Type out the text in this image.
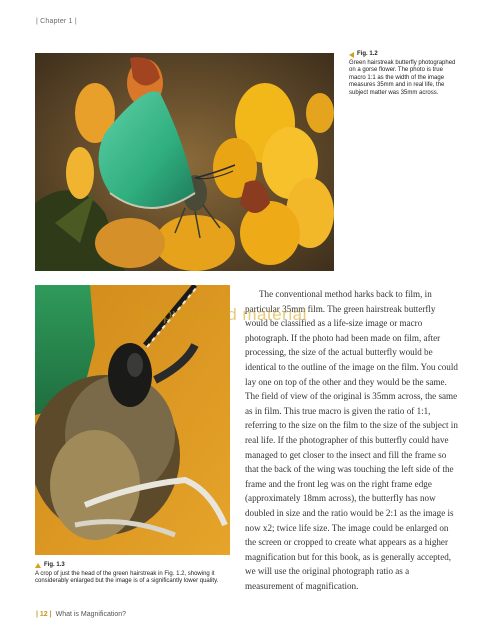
| Chapter 1 |
Fig. 1.2
Green hairstreak butterfly photographed on a gorse flower. The photo is true macro 1:1 as the width of the image measures 35mm and in real life, the subject matter was 35mm across.
Fig. 1.3
A crop of just the head of the green hairstreak in Fig. 1.2, showing it considerably enlarged but the image is of a significantly lower quality.

The conventional method harks back to film, in particular 35mm film. The green hairstreak butterfly would be classified as a life-size image or macro photograph. If the photo had been made on film, after processing, the size of the actual butterfly would be identical to the outline of the image on the film. You could lay one on top of the other and they would be the same. The field of view of the original is 35mm across, the same as in film. This true macro is given the ratio of 1:1, referring to the size on the film to the size of the subject in real life. If the photographer of this butterfly could have managed to get closer to the insect and fill the frame so that the back of the wing was touching the left side of the frame and the front leg was on the right frame edge (approximately 18mm across), the butterfly has now doubled in size and the ratio would be 2:1 as the image is now x2; twice life size. The image could be enlarged on the screen or cropped to create what appears as a higher magnification but for this book, as is generally accepted, we will use the original photograph ratio as a measurement of magnification.

Copyrighted material
| 12 | What is Magnification?
